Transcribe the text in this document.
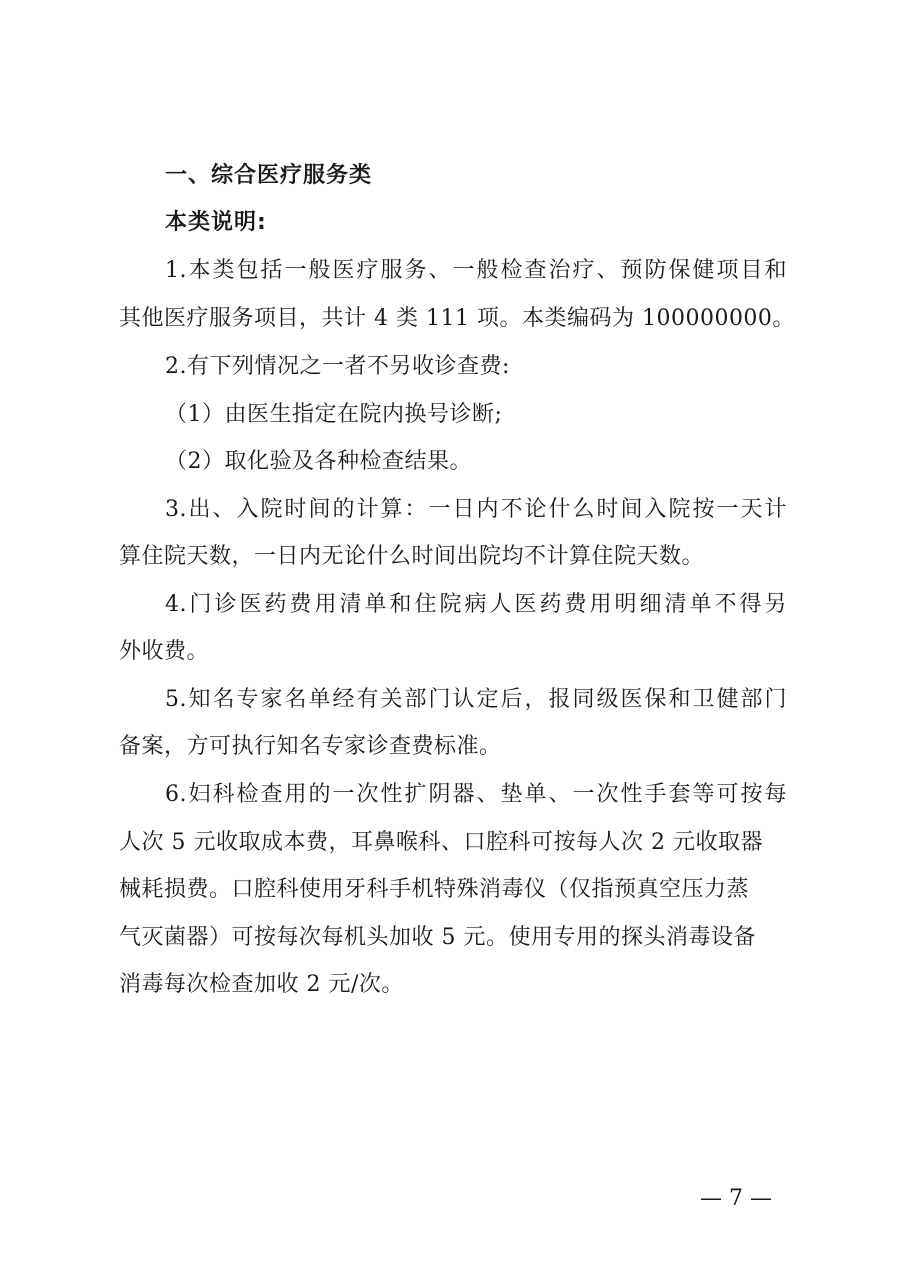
一、综合医疗服务类
本类说明:
1.本类包括一般医疗服务、一般检查治疗、预防保健项目和
其他医疗服务项目，共计 4 类 111 项。本类编码为 100000000。
2.有下列情况之一者不另收诊查费:
（1）由医生指定在院内换号诊断;
（2）取化验及各种检查结果。
3.出、入院时间的计算：一日内不论什么时间入院按一天计
算住院天数，一日内无论什么时间出院均不计算住院天数。
4.门诊医药费用清单和住院病人医药费用明细清单不得另
外收费。
5.知名专家名单经有关部门认定后，报同级医保和卫健部门
备案，方可执行知名专家诊查费标准。
6.妇科检查用的一次性扩阴器、垫单、一次性手套等可按每
人次 5 元收取成本费，耳鼻喉科、口腔科可按每人次 2 元收取器
械耗损费。口腔科使用牙科手机特殊消毒仪（仅指预真空压力蒸
气灭菌器）可按每次每机头加收 5 元。使用专用的探头消毒设备
消毒每次检查加收 2 元/次。
— 7 —
